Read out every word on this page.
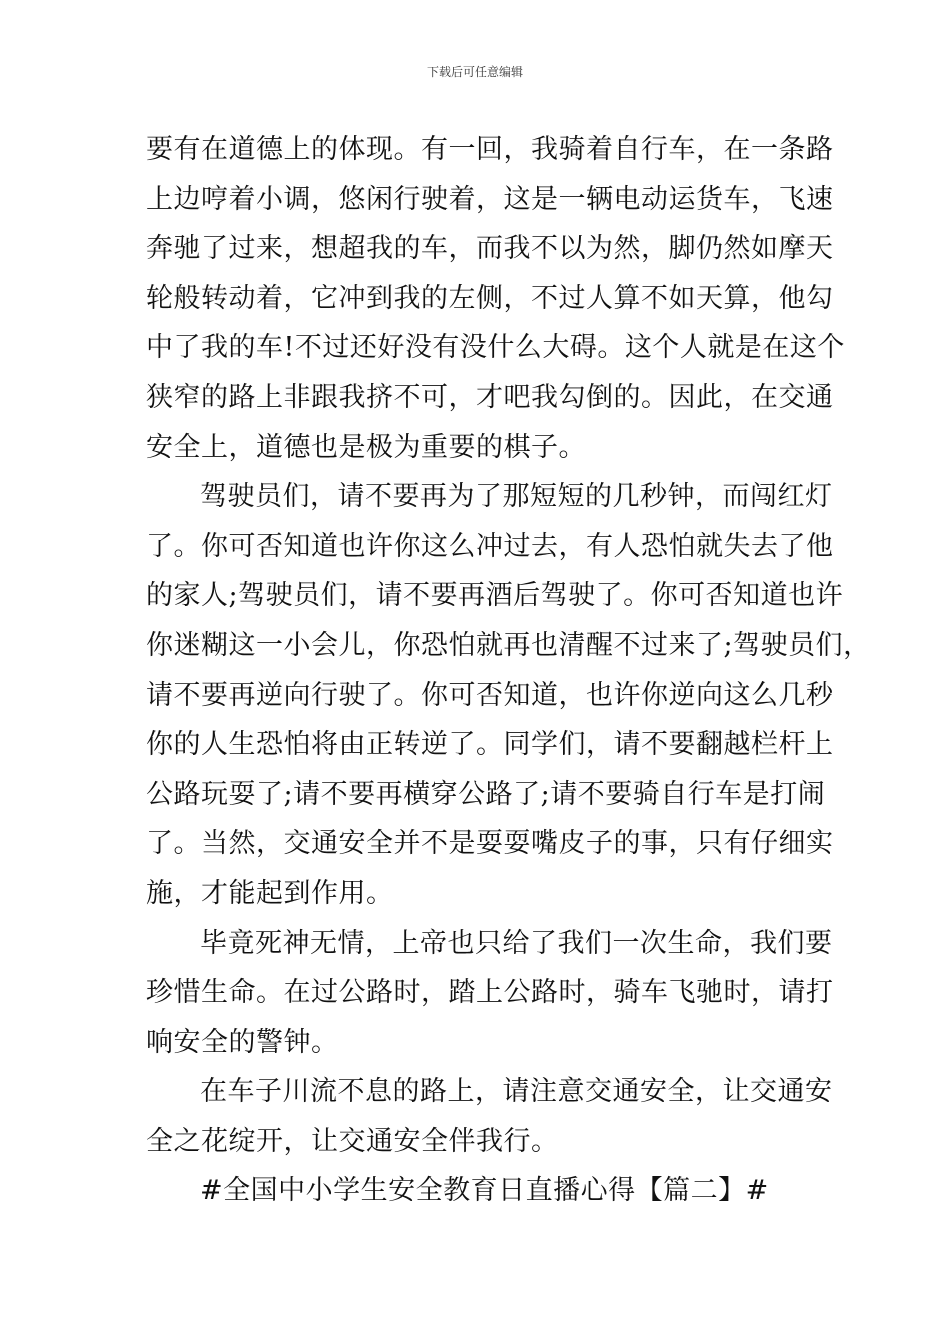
下载后可任意编辑
要有在道德上的体现。有一回，我骑着自行车，在一条路
上边哼着小调，悠闲行驶着，这是一辆电动运货车，飞速
奔驰了过来，想超我的车，而我不以为然，脚仍然如摩天
轮般转动着，它冲到我的左侧，不过人算不如天算，他勾
中了我的车!不过还好没有没什么大碍。这个人就是在这个
狭窄的路上非跟我挤不可，才吧我勾倒的。因此，在交通
安全上，道德也是极为重要的棋子。
驾驶员们，请不要再为了那短短的几秒钟，而闯红灯
了。你可否知道也许你这么冲过去，有人恐怕就失去了他
的家人;驾驶员们，请不要再酒后驾驶了。你可否知道也许
你迷糊这一小会儿，你恐怕就再也清醒不过来了;驾驶员们，
请不要再逆向行驶了。你可否知道，也许你逆向这么几秒
你的人生恐怕将由正转逆了。同学们，请不要翻越栏杆上
公路玩耍了;请不要再横穿公路了;请不要骑自行车是打闹
了。当然，交通安全并不是耍耍嘴皮子的事，只有仔细实
施，才能起到作用。
毕竟死神无情，上帝也只给了我们一次生命，我们要
珍惜生命。在过公路时，踏上公路时，骑车飞驰时，请打
响安全的警钟。
在车子川流不息的路上，请注意交通安全，让交通安
全之花绽开，让交通安全伴我行。
#全国中小学生安全教育日直播心得【篇二】#
